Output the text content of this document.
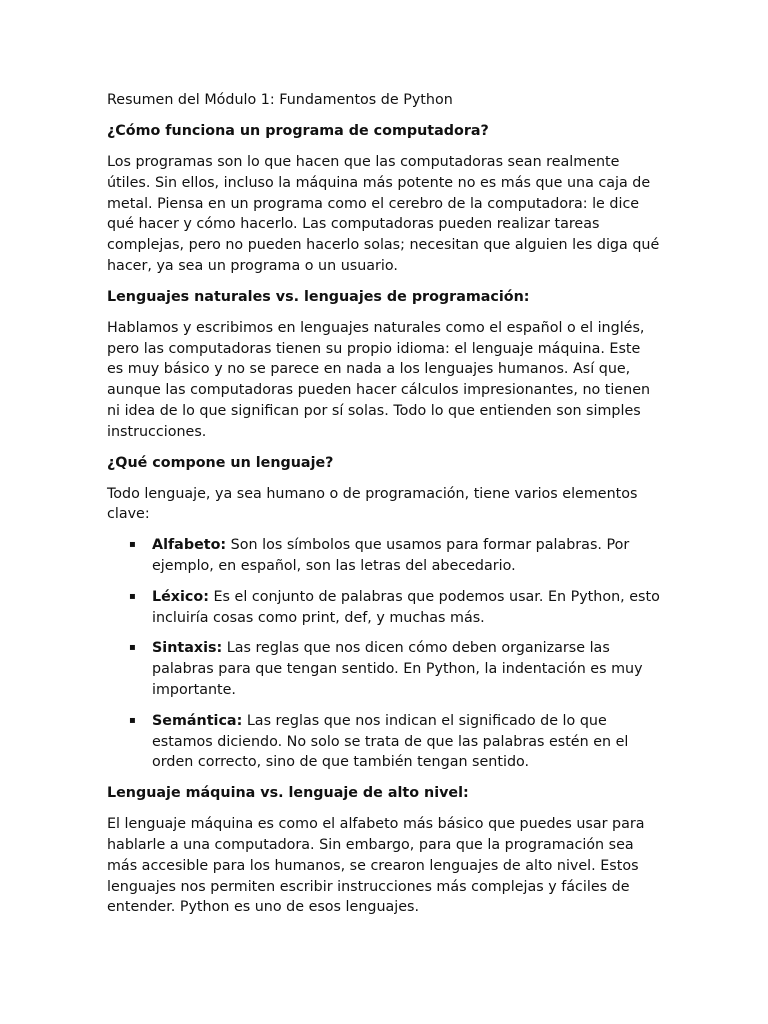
Resumen del Módulo 1: Fundamentos de Python
¿Cómo funciona un programa de computadora?

Los programas son lo que hacen que las computadoras sean realmente útiles. Sin ellos, incluso la máquina más potente no es más que una caja de metal. Piensa en un programa como el cerebro de la computadora: le dice qué hacer y cómo hacerlo. Las computadoras pueden realizar tareas complejas, pero no pueden hacerlo solas; necesitan que alguien les diga qué hacer, ya sea un programa o un usuario.

Lenguajes naturales vs. lenguajes de programación:

Hablamos y escribimos en lenguajes naturales como el español o el inglés, pero las computadoras tienen su propio idioma: el lenguaje máquina. Este es muy básico y no se parece en nada a los lenguajes humanos. Así que, aunque las computadoras pueden hacer cálculos impresionantes, no tienen ni idea de lo que significan por sí solas. Todo lo que entienden son simples instrucciones.

¿Qué compone un lenguaje?

Todo lenguaje, ya sea humano o de programación, tiene varios elementos clave:

▪ Alfabeto: Son los símbolos que usamos para formar palabras. Por ejemplo, en español, son las letras del abecedario.
▪ Léxico: Es el conjunto de palabras que podemos usar. En Python, esto incluiría cosas como print, def, y muchas más.
▪ Sintaxis: Las reglas que nos dicen cómo deben organizarse las palabras para que tengan sentido. En Python, la indentación es muy importante.
▪ Semántica: Las reglas que nos indican el significado de lo que estamos diciendo. No solo se trata de que las palabras estén en el orden correcto, sino de que también tengan sentido.
Lenguaje máquina vs. lenguaje de alto nivel:

El lenguaje máquina es como el alfabeto más básico que puedes usar para hablarle a una computadora. Sin embargo, para que la programación sea más accesible para los humanos, se crearon lenguajes de alto nivel. Estos lenguajes nos permiten escribir instrucciones más complejas y fáciles de entender. Python es uno de esos lenguajes.
